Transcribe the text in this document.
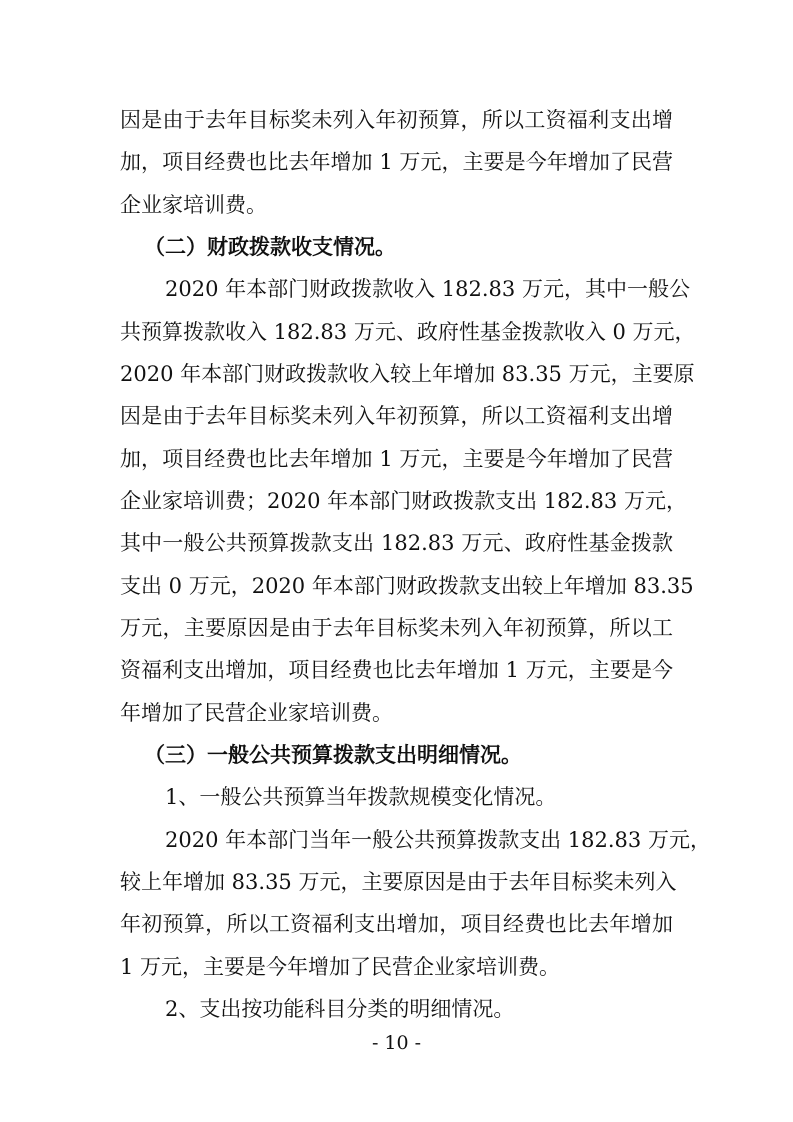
因是由于去年目标奖未列入年初预算，所以工资福利支出增
加，项目经费也比去年增加 1 万元，主要是今年增加了民营
企业家培训费。
（二）财政拨款收支情况。
2020 年本部门财政拨款收入 182.83 万元，其中一般公
共预算拨款收入 182.83 万元、政府性基金拨款收入 0 万元，
2020 年本部门财政拨款收入较上年增加 83.35 万元，主要原
因是由于去年目标奖未列入年初预算，所以工资福利支出增
加，项目经费也比去年增加 1 万元，主要是今年增加了民营
企业家培训费；2020 年本部门财政拨款支出 182.83 万元，
其中一般公共预算拨款支出 182.83 万元、政府性基金拨款
支出 0 万元，2020 年本部门财政拨款支出较上年增加 83.35
万元，主要原因是由于去年目标奖未列入年初预算，所以工
资福利支出增加，项目经费也比去年增加 1 万元，主要是今
年增加了民营企业家培训费。
（三）一般公共预算拨款支出明细情况。
1、一般公共预算当年拨款规模变化情况。
2020 年本部门当年一般公共预算拨款支出 182.83 万元，
较上年增加 83.35 万元，主要原因是由于去年目标奖未列入
年初预算，所以工资福利支出增加，项目经费也比去年增加
1 万元，主要是今年增加了民营企业家培训费。
2、支出按功能科目分类的明细情况。
- 10 -
